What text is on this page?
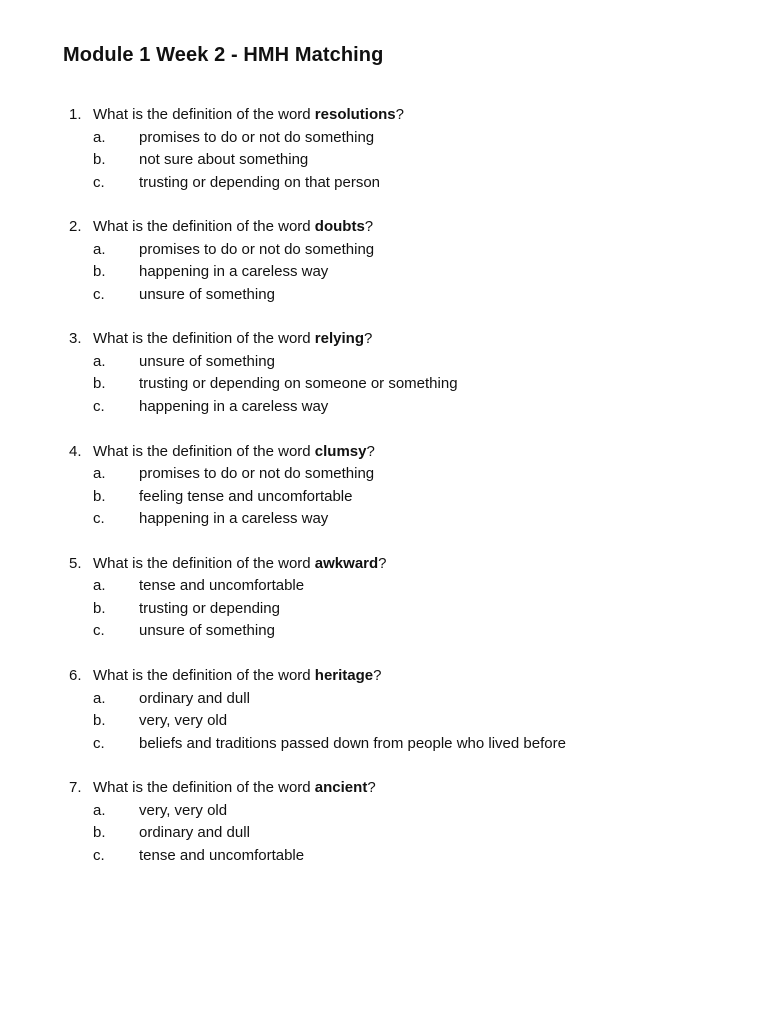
Module 1 Week 2 - HMH Matching
1. What is the definition of the word resolutions?
a. promises to do or not do something
b. not sure about something
c. trusting or depending on that person
2. What is the definition of the word doubts?
a. promises to do or not do something
b. happening in a careless way
c. unsure of something
3. What is the definition of the word relying?
a. unsure of something
b. trusting or depending on someone or something
c. happening in a careless way
4. What is the definition of the word clumsy?
a. promises to do or not do something
b. feeling tense and uncomfortable
c. happening in a careless way
5. What is the definition of the word awkward?
a. tense and uncomfortable
b. trusting or depending
c. unsure of something
6. What is the definition of the word heritage?
a. ordinary and dull
b. very, very old
c. beliefs and traditions passed down from people who lived before
7. What is the definition of the word ancient?
a. very, very old
b. ordinary and dull
c. tense and uncomfortable
